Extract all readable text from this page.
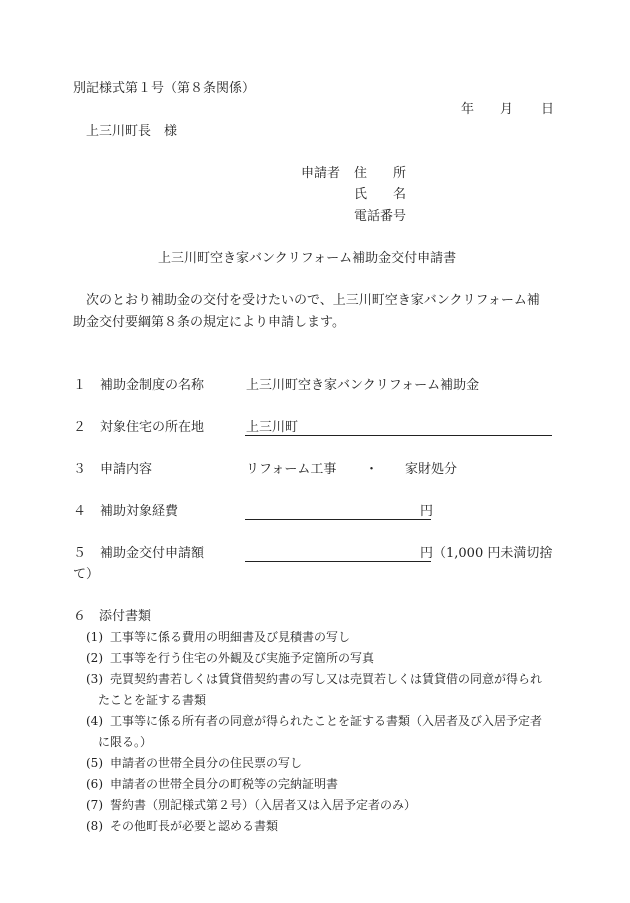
別記様式第１号（第８条関係）
年 月 日
上三川町長　様
申請者 住　　所
氏　　名
電話番号
上三川町空き家バンクリフォーム補助金交付申請書
次のとおり補助金の交付を受けたいので、上三川町空き家バンクリフォーム補
助金交付要綱第８条の規定により申請します。
１ 補助金制度の名称	上三川町空き家バンクリフォーム補助金
２ 対象住宅の所在地	上三川町
３ 申請内容	リフォーム工事 ・ 家財処分
４ 補助対象経費	円
５ 補助金交付申請額	円 （1,000 円未満切捨
て）
６　添付書類
(1) 工事等に係る費用の明細書及び見積書の写し
(2) 工事等を行う住宅の外観及び実施予定箇所の写真
(3) 売買契約書若しくは賃貸借契約書の写し又は売買若しくは賃貸借の同意が得られ
たことを証する書類
(4) 工事等に係る所有者の同意が得られたことを証する書類（入居者及び入居予定者
に限る。）
(5) 申請者の世帯全員分の住民票の写し
(6) 申請者の世帯全員分の町税等の完納証明書
(7) 誓約書（別記様式第２号）（入居者又は入居予定者のみ）
(8) その他町長が必要と認める書類
